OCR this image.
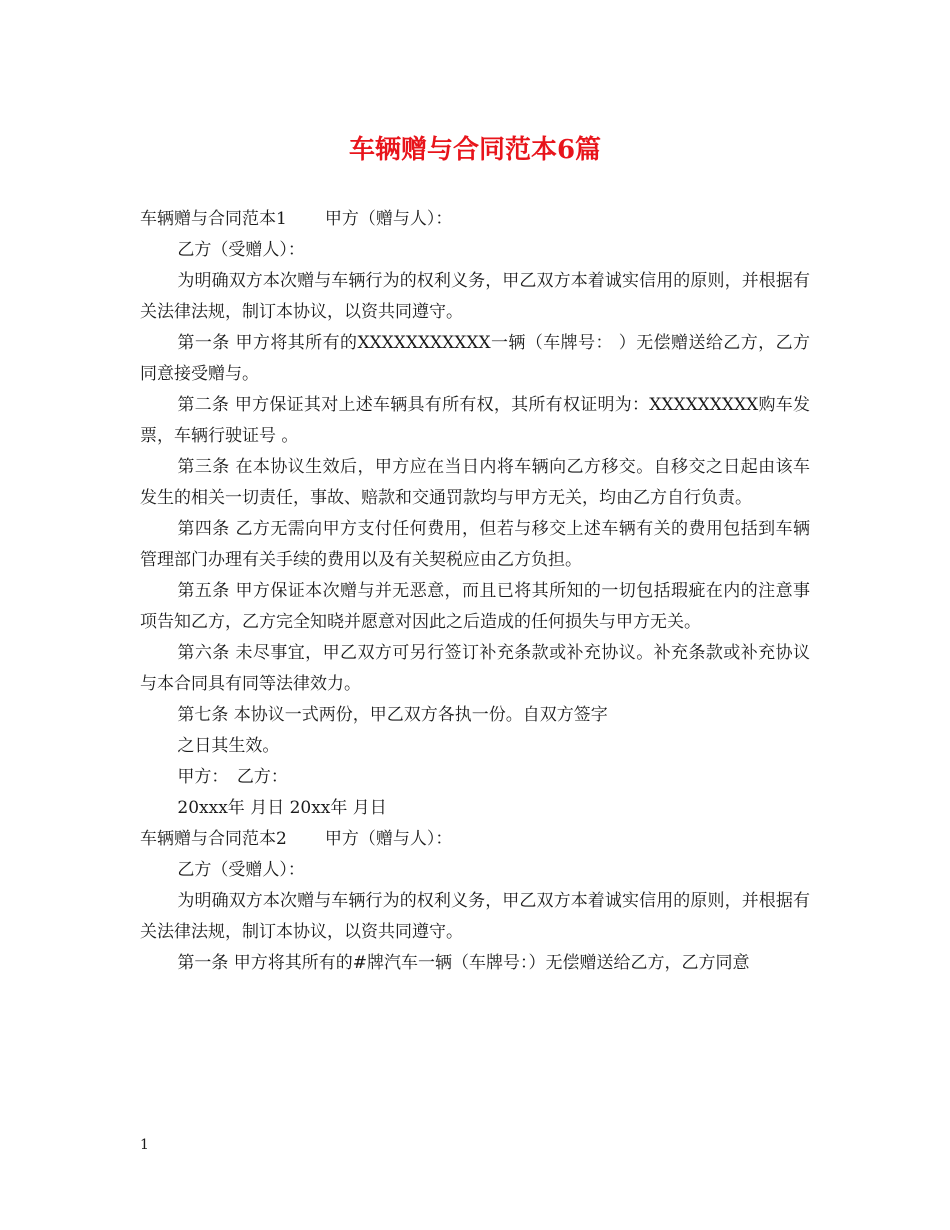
车辆赠与合同范本6篇

车辆赠与合同范本1 甲方（赠与人）：

乙方（受赠人）：

为明确双方本次赠与车辆行为的权利义务，甲乙双方本着诚实信用的原则，并根据有关法律法规，制订本协议，以资共同遵守。

第一条 甲方将其所有的XXXXXXXXXXX一辆（车牌号： ）无偿赠送给乙方，乙方同意接受赠与。

第二条 甲方保证其对上述车辆具有所有权，其所有权证明为：XXXXXXXXX购车发票，车辆行驶证号 。

第三条 在本协议生效后，甲方应在当日内将车辆向乙方移交。自移交之日起由该车发生的相关一切责任，事故、赔款和交通罚款均与甲方无关，均由乙方自行负责。

第四条 乙方无需向甲方支付任何费用，但若与移交上述车辆有关的费用包括到车辆管理部门办理有关手续的费用以及有关契税应由乙方负担。

第五条 甲方保证本次赠与并无恶意，而且已将其所知的一切包括瑕疵在内的注意事项告知乙方，乙方完全知晓并愿意对因此之后造成的任何损失与甲方无关。

第六条 未尽事宜，甲乙双方可另行签订补充条款或补充协议。补充条款或补充协议与本合同具有同等法律效力。

第七条 本协议一式两份，甲乙双方各执一份。自双方签字

之日其生效。

甲方：　乙方：

20xxx年 月日 20xx年 月日

车辆赠与合同范本2 甲方（赠与人）：

乙方（受赠人）：

为明确双方本次赠与车辆行为的权利义务，甲乙双方本着诚实信用的原则，并根据有关法律法规，制订本协议，以资共同遵守。

第一条 甲方将其所有的#牌汽车一辆（车牌号：）无偿赠送给乙方，乙方同意

1
